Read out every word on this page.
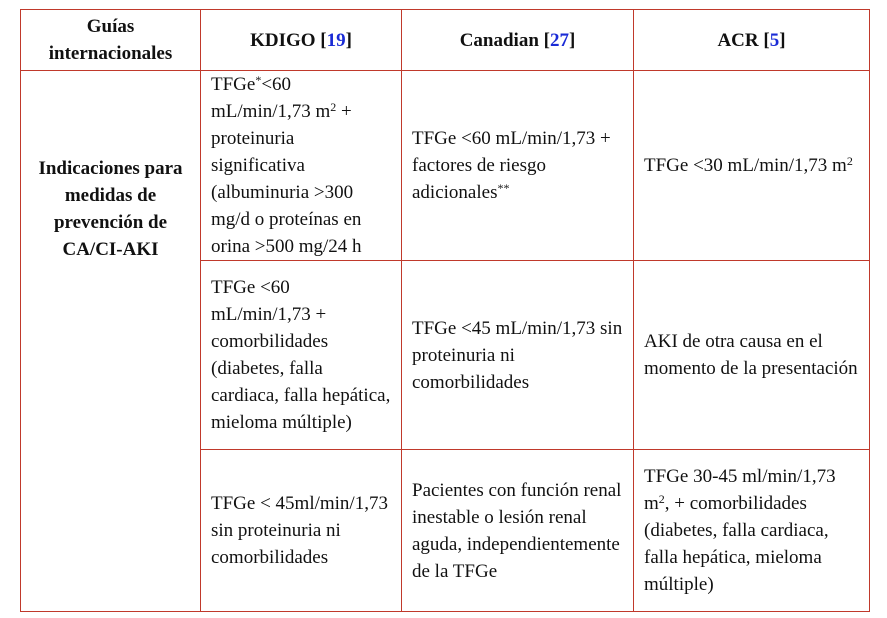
Guías internacionales	KDIGO [19]	Canadian [27]	ACR [5]
Indicaciones para medidas de prevención de CA/CI-AKI	TFGe*<60 mL/min/1,73 $m^2$ + proteinuria significativa (albuminuria >300 mg/d o proteínas en orina >500 mg/24 h	TFGe <60 mL/min/1,73 + factores de riesgo adicionales**	TFGe <30 mL/min/1,73 $m^2$
	TFGe <60 mL/min/1,73 + comorbilidades (diabetes, falla cardiaca, falla hepática, mieloma múltiple)	TFGe <45 mL/min/1,73 sin proteinuria ni comorbilidades	AKI de otra causa en el momento de la presentación
	TFGe < 45ml/min/1,73 sin proteinuria ni comorbilidades	Pacientes con función renal inestable o lesión renal aguda, independientemente de la TFGe	TFGe 30-45 ml/min/1,73 $m^2$, + comorbilidades (diabetes, falla cardiaca, falla hepática, mieloma múltiple)
